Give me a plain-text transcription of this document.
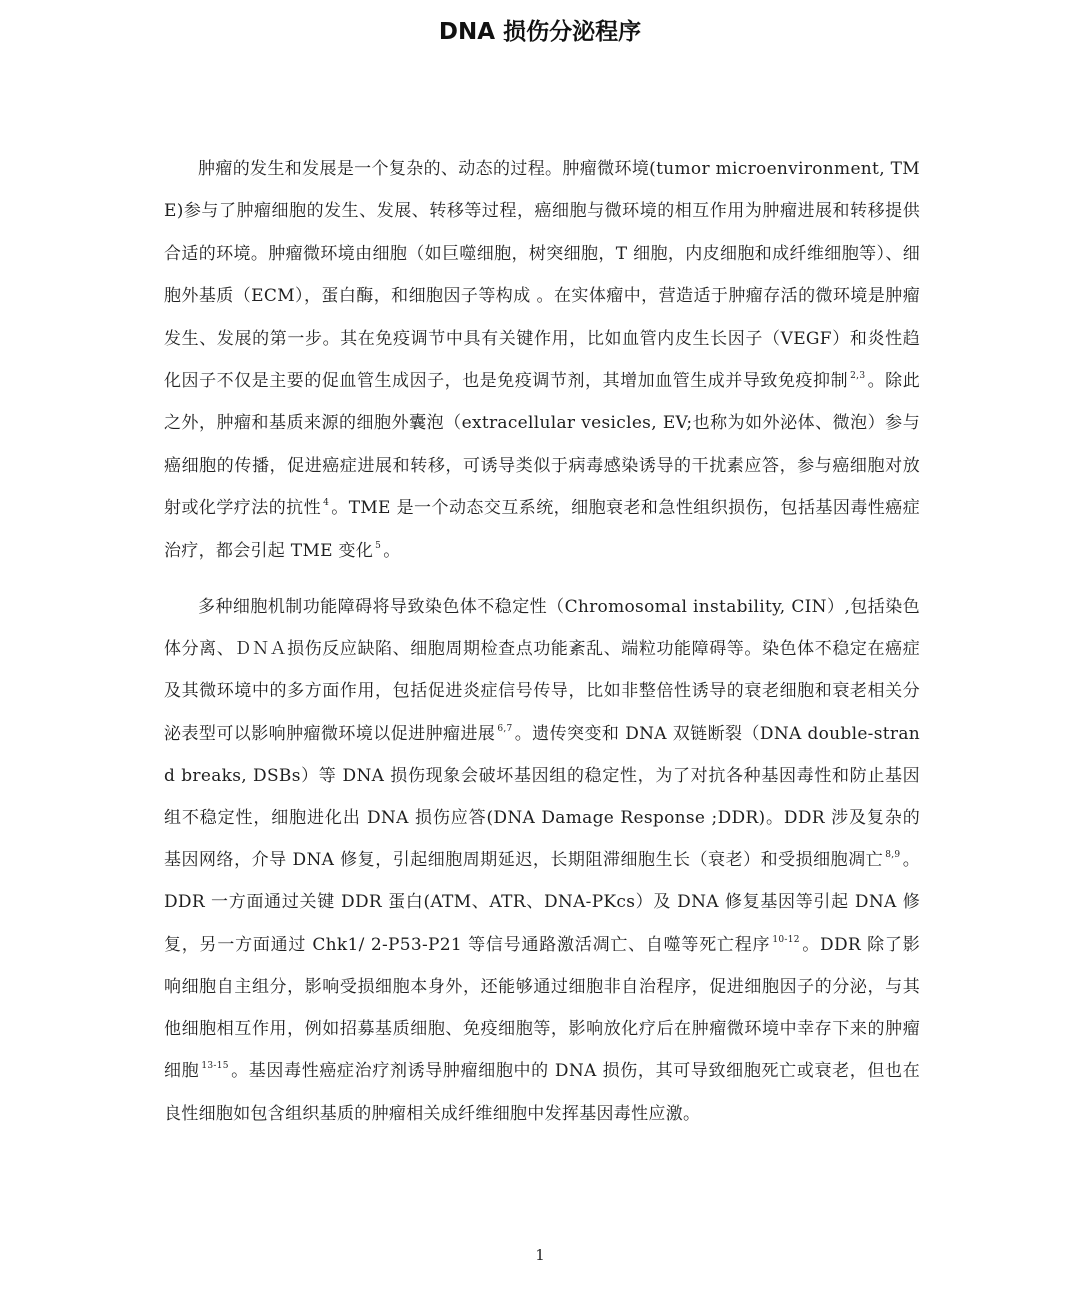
DNA 损伤分泌程序

肿瘤的发生和发展是一个复杂的、动态的过程。肿瘤微环境(tumor microenvironment, TME)参与了肿瘤细胞的发生、发展、转移等过程，癌细胞与微环境的相互作用为肿瘤进展和转移提供合适的环境。肿瘤微环境由细胞（如巨噬细胞，树突细胞，T 细胞，内皮细胞和成纤维细胞等）、细胞外基质（ECM），蛋白酶，和细胞因子等构成 。在实体瘤中，营造适于肿瘤存活的微环境是肿瘤发生、发展的第一步。其在免疫调节中具有关键作用，比如血管内皮生长因子（VEGF）和炎性趋化因子不仅是主要的促血管生成因子，也是免疫调节剂，其增加血管生成并导致免疫抑制 $^{2,3}$ 。除此之外，肿瘤和基质来源的细胞外囊泡（extracellular vesicles, EV;也称为如外泌体、微泡）参与癌细胞的传播，促进癌症进展和转移，可诱导类似于病毒感染诱导的干扰素应答，参与癌细胞对放射或化学疗法的抗性 $^4$ 。TME 是一个动态交互系统，细胞衰老和急性组织损伤，包括基因毒性癌症治疗，都会引起 TME 变化 $^5$ 。

多种细胞机制功能障碍将导致染色体不稳定性（Chromosomal instability, CIN）,包括染色体分离、ＤＮＡ损伤反应缺陷、细胞周期检查点功能紊乱、端粒功能障碍等。染色体不稳定在癌症及其微环境中的多方面作用，包括促进炎症信号传导，比如非整倍性诱导的衰老细胞和衰老相关分泌表型可以影响肿瘤微环境以促进肿瘤进展 $^{6,7}$ 。遗传突变和 DNA 双链断裂（DNA double-strand breaks, DSBs）等 DNA 损伤现象会破坏基因组的稳定性，为了对抗各种基因毒性和防止基因组不稳定性，细胞进化出 DNA 损伤应答(DNA Damage Response ;DDR)。DDR 涉及复杂的基因网络，介导 DNA 修复，引起细胞周期延迟，长期阻滞细胞生长（衰老）和受损细胞凋亡 $^{8,9}$ 。DDR 一方面通过关键 DDR 蛋白(ATM、ATR、DNA-PKcs）及 DNA 修复基因等引起 DNA 修复，另一方面通过 Chk1/ 2-P53-P21 等信号通路激活凋亡、自噬等死亡程序 $^{10-12}$ 。DDR 除了影响细胞自主组分，影响受损细胞本身外，还能够通过细胞非自治程序，促进细胞因子的分泌，与其他细胞相互作用，例如招募基质细胞、免疫细胞等，影响放化疗后在肿瘤微环境中幸存下来的肿瘤细胞 $^{13-15}$ 。基因毒性癌症治疗剂诱导肿瘤细胞中的 DNA 损伤，其可导致细胞死亡或衰老，但也在良性细胞如包含组织基质的肿瘤相关成纤维细胞中发挥基因毒性应激。

1
